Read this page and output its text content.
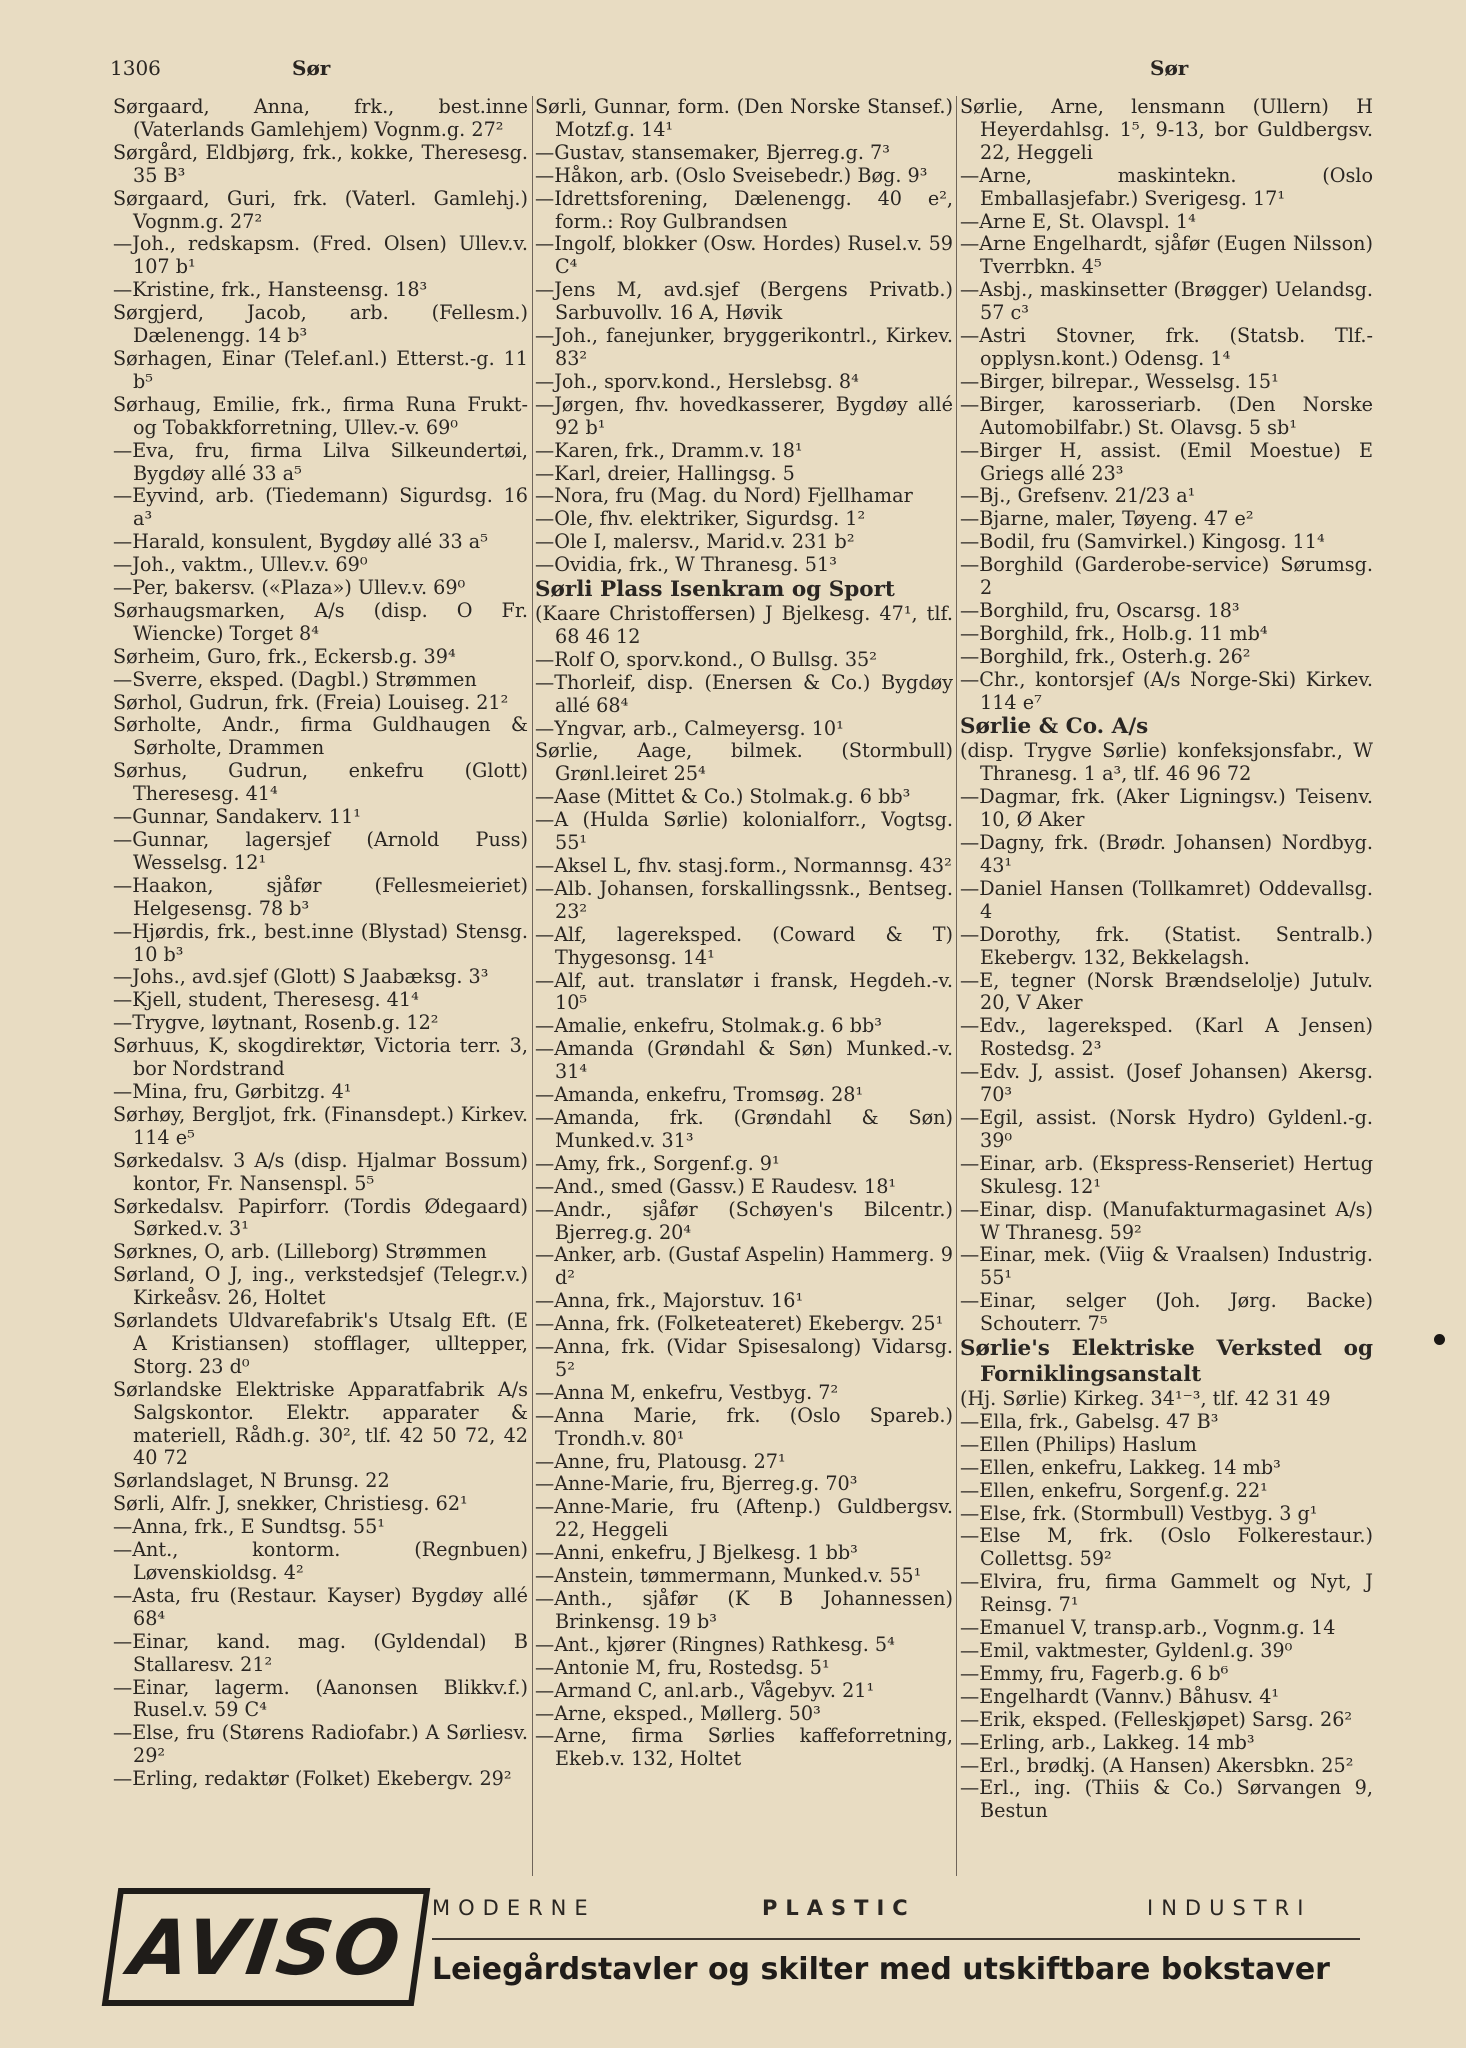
1306	Sør	Sør
Sørgaard, Anna, frk., best.inne (Vaterlands Gamlehjem) Vognm.g. 27²
Sørgård, Eldbjørg, frk., kokke, Theresesg. 35 B³
Sørgaard, Guri, frk. (Vaterl. Gamlehj.) Vognm.g. 27²
—Joh., redskapsm. (Fred. Olsen) Ullev.v. 107 b¹
—Kristine, frk., Hansteensg. 18³
Sørgjerd, Jacob, arb. (Fellesm.) Dælenengg. 14 b³
Sørhagen, Einar (Telef.anl.) Etterst.-g. 11 b⁵
Sørhaug, Emilie, frk., firma Runa Frukt- og Tobakkforretning, Ullev.-v. 69⁰
—Eva, fru, firma Lilva Silkeundertøi, Bygdøy allé 33 a⁵
—Eyvind, arb. (Tiedemann) Sigurdsg. 16 a³
—Harald, konsulent, Bygdøy allé 33 a⁵
—Joh., vaktm., Ullev.v. 69⁰
—Per, bakersv. («Plaza») Ullev.v. 69⁰
Sørhaugsmarken, A/s (disp. O Fr. Wiencke) Torget 8⁴
Sørheim, Guro, frk., Eckersb.g. 39⁴
—Sverre, eksped. (Dagbl.) Strømmen
Sørhol, Gudrun, frk. (Freia) Louiseg. 21²
Sørholte, Andr., firma Guldhaugen & Sørholte, Drammen
Sørhus, Gudrun, enkefru (Glott) Theresesg. 41⁴
—Gunnar, Sandakerv. 11¹
—Gunnar, lagersjef (Arnold Puss) Wesselsg. 12¹
—Haakon, sjåfør (Fellesmeieriet) Helgesensg. 78 b³
—Hjørdis, frk., best.inne (Blystad) Stensg. 10 b³
—Johs., avd.sjef (Glott) S Jaabæksg. 3³
—Kjell, student, Theresesg. 41⁴
—Trygve, løytnant, Rosenb.g. 12²
Sørhuus, K, skogdirektør, Victoria terr. 3, bor Nordstrand
—Mina, fru, Gørbitzg. 4¹
Sørhøy, Bergljot, frk. (Finansdept.) Kirkev. 114 e⁵
Sørkedalsv. 3 A/s (disp. Hjalmar Bossum) kontor, Fr. Nansenspl. 5⁵
Sørkedalsv. Papirforr. (Tordis Ødegaard) Sørked.v. 3¹
Sørknes, O, arb. (Lilleborg) Strømmen
Sørland, O J, ing., verkstedsjef (Telegr.v.) Kirkeåsv. 26, Holtet
Sørlandets Uldvarefabrik's Utsalg Eft. (E A Kristiansen) stofflager, ulltepper, Storg. 23 d⁰
Sørlandske Elektriske Apparatfabrik A/s Salgskontor. Elektr. apparater & materiell, Rådh.g. 30², tlf. 42 50 72, 42 40 72
Sørlandslaget, N Brunsg. 22
Sørli, Alfr. J, snekker, Christiesg. 62¹
—Anna, frk., E Sundtsg. 55¹
—Ant., kontorm. (Regnbuen) Løvenskioldsg. 4²
—Asta, fru (Restaur. Kayser) Bygdøy allé 68⁴
—Einar, kand. mag. (Gyldendal) B Stallaresv. 21²
—Einar, lagerm. (Aanonsen Blikkv.f.) Rusel.v. 59 C⁴
—Else, fru (Størens Radiofabr.) A Sørliesv. 29²
—Erling, redaktør (Folket) Ekebergv. 29²
Sørli, Gunnar, form. (Den Norske Stansef.) Motzf.g. 14¹
—Gustav, stansemaker, Bjerreg.g. 7³
—Håkon, arb. (Oslo Sveisebedr.) Bøg. 9³
—Idrettsforening, Dælenengg. 40 e², form.: Roy Gulbrandsen
—Ingolf, blokker (Osw. Hordes) Rusel.v. 59 C⁴
—Jens M, avd.sjef (Bergens Privatb.) Sarbuvollv. 16 A, Høvik
—Joh., fanejunker, bryggerikontrl., Kirkev. 83²
—Joh., sporv.kond., Herslebsg. 8⁴
—Jørgen, fhv. hovedkasserer, Bygdøy allé 92 b¹
—Karen, frk., Dramm.v. 18¹
—Karl, dreier, Hallingsg. 5
—Nora, fru (Mag. du Nord) Fjellhamar
—Ole, fhv. elektriker, Sigurdsg. 1²
—Ole I, malersv., Marid.v. 231 b²
—Ovidia, frk., W Thranesg. 51³
Sørli Plass Isenkram og Sport
(Kaare Christoffersen) J Bjelkesg. 47¹, tlf. 68 46 12
—Rolf O, sporv.kond., O Bullsg. 35²
—Thorleif, disp. (Enersen & Co.) Bygdøy allé 68⁴
—Yngvar, arb., Calmeyersg. 10¹
Sørlie, Aage, bilmek. (Stormbull) Grønl.leiret 25⁴
—Aase (Mittet & Co.) Stolmak.g. 6 bb³
—A (Hulda Sørlie) kolonialforr., Vogtsg. 55¹
—Aksel L, fhv. stasj.form., Normannsg. 43²
—Alb. Johansen, forskallingssnk., Bentseg. 23²
—Alf, lagereksped. (Coward & T) Thygesonsg. 14¹
—Alf, aut. translatør i fransk, Hegdeh.-v. 10⁵
—Amalie, enkefru, Stolmak.g. 6 bb³
—Amanda (Grøndahl & Søn) Munked.-v. 31⁴
—Amanda, enkefru, Tromsøg. 28¹
—Amanda, frk. (Grøndahl & Søn) Munked.v. 31³
—Amy, frk., Sorgenf.g. 9¹
—And., smed (Gassv.) E Raudesv. 18¹
—Andr., sjåfør (Schøyen's Bilcentr.) Bjerreg.g. 20⁴
—Anker, arb. (Gustaf Aspelin) Hammerg. 9 d²
—Anna, frk., Majorstuv. 16¹
—Anna, frk. (Folketeateret) Ekebergv. 25¹
—Anna, frk. (Vidar Spisesalong) Vidarsg. 5²
—Anna M, enkefru, Vestbyg. 7²
—Anna Marie, frk. (Oslo Spareb.) Trondh.v. 80¹
—Anne, fru, Platousg. 27¹
—Anne-Marie, fru, Bjerreg.g. 70³
—Anne-Marie, fru (Aftenp.) Guldbergsv. 22, Heggeli
—Anni, enkefru, J Bjelkesg. 1 bb³
—Anstein, tømmermann, Munked.v. 55¹
—Anth., sjåfør (K B Johannessen) Brinkensg. 19 b³
—Ant., kjører (Ringnes) Rathkesg. 5⁴
—Antonie M, fru, Rostedsg. 5¹
—Armand C, anl.arb., Vågebyv. 21¹
—Arne, eksped., Møllerg. 50³
—Arne, firma Sørlies kaffeforretning, Ekeb.v. 132, Holtet
Sørlie, Arne, lensmann (Ullern) H Heyerdahlsg. 1⁵, 9-13, bor Guldbergsv. 22, Heggeli
—Arne, maskintekn. (Oslo Emballasjefabr.) Sverigesg. 17¹
—Arne E, St. Olavspl. 1⁴
—Arne Engelhardt, sjåfør (Eugen Nilsson) Tverrbkn. 4⁵
—Asbj., maskinsetter (Brøgger) Uelandsg. 57 c³
—Astri Stovner, frk. (Statsb. Tlf.-opplysn.kont.) Odensg. 1⁴
—Birger, bilrepar., Wesselsg. 15¹
—Birger, karosseriarb. (Den Norske Automobilfabr.) St. Olavsg. 5 sb¹
—Birger H, assist. (Emil Moestue) E Griegs allé 23³
—Bj., Grefsenv. 21/23 a¹
—Bjarne, maler, Tøyeng. 47 e²
—Bodil, fru (Samvirkel.) Kingosg. 11⁴
—Borghild (Garderobe-service) Sørumsg. 2
—Borghild, fru, Oscarsg. 18³
—Borghild, frk., Holb.g. 11 mb⁴
—Borghild, frk., Osterh.g. 26²
—Chr., kontorsjef (A/s Norge-Ski) Kirkev. 114 e⁷
Sørlie & Co. A/s
(disp. Trygve Sørlie) konfeksjonsfabr., W Thranesg. 1 a³, tlf. 46 96 72
—Dagmar, frk. (Aker Ligningsv.) Teisenv. 10, Ø Aker
—Dagny, frk. (Brødr. Johansen) Nordbyg. 43¹
—Daniel Hansen (Tollkamret) Oddevallsg. 4
—Dorothy, frk. (Statist. Sentralb.) Ekebergv. 132, Bekkelagsh.
—E, tegner (Norsk Brændselolje) Jutulv. 20, V Aker
—Edv., lagereksped. (Karl A Jensen) Rostedsg. 2³
—Edv. J, assist. (Josef Johansen) Akersg. 70³
—Egil, assist. (Norsk Hydro) Gyldenl.-g. 39⁰
—Einar, arb. (Ekspress-Renseriet) Hertug Skulesg. 12¹
—Einar, disp. (Manufakturmagasinet A/s) W Thranesg. 59²
—Einar, mek. (Viig & Vraalsen) Industrig. 55¹
—Einar, selger (Joh. Jørg. Backe) Schouterr. 7⁵
Sørlie's Elektriske Verksted og Forniklingsanstalt
(Hj. Sørlie) Kirkeg. 34¹⁻³, tlf. 42 31 49
—Ella, frk., Gabelsg. 47 B³
—Ellen (Philips) Haslum
—Ellen, enkefru, Lakkeg. 14 mb³
—Ellen, enkefru, Sorgenf.g. 22¹
—Else, frk. (Stormbull) Vestbyg. 3 g¹
—Else M, frk. (Oslo Folkerestaur.) Collettsg. 59²
—Elvira, fru, firma Gammelt og Nyt, J Reinsg. 7¹
—Emanuel V, transp.arb., Vognm.g. 14
—Emil, vaktmester, Gyldenl.g. 39⁰
—Emmy, fru, Fagerb.g. 6 b⁶
—Engelhardt (Vannv.) Båhusv. 4¹
—Erik, eksped. (Felleskjøpet) Sarsg. 26²
—Erling, arb., Lakkeg. 14 mb³
—Erl., brødkj. (A Hansen) Akersbkn. 25²
—Erl., ing. (Thiis & Co.) Sørvangen 9, Bestun
AVISO	MODERNE	PLASTIC	INDUSTRI
Leiegårdstavler og skilter med utskiftbare bokstaver
